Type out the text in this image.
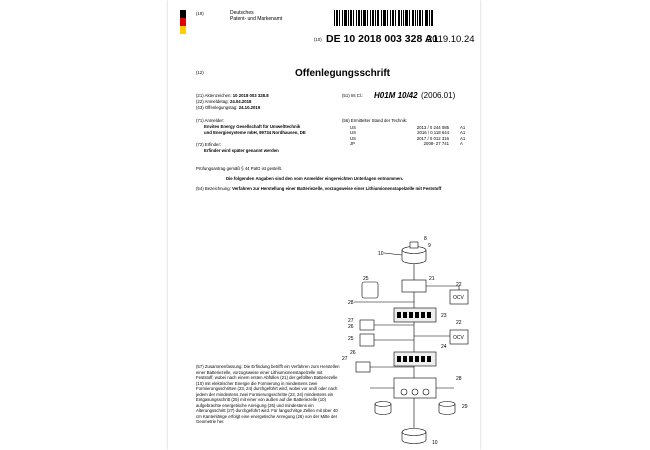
(19)	Deutsches
Patent- und Markenamt
(10) DE 10 2018 003 328 A1
2019.10.24
(12)	Offenlegungsschrift
(21) Aktenzeichen: 10 2018 003 328.8
(22) Anmeldetag: 24.04.2018
(43) Offenlegungstag: 24.10.2019
(51) Int Cl.: H01M 10/42 (2006.01)
(71) Anmelder:
Envites Energy Gesellschaft für Umwelttechnik
und Energiesysteme mbH, 99734 Nordhausen, DE
(72) Erfinder:
Erfinder wird später genannt werden
(56) Ermittelter Stand der Technik:
US	2013 / 0 244 085	A1
US	2016 / 0 118 644	A1
US	2017 / 0 012 316	A1
JP	2008- 27 741	A
Prüfungsantrag gemäß § 44 PatG ist gestellt.
Die folgenden Angaben sind den vom Anmelder eingereichten Unterlagen entnommen.
(54) Bezeichnung: Verfahren zur Herstellung einer Batteriezelle, vorzugsweise einer Lithiumionenstapelzelle mit Feststoff
(57) Zusammenfassung: Die Erfindung betrifft ein Verfahren zum Herstellen einer Batteriezelle, vorzugsweise einer Lithiumionenstapelzelle mit Feststoff, wobei nach einem ersten Abfüllen (21) der gefüllten Batteriezelle (10) mit elektrischer Energie die Formierung in mindestens zwei Formierungsschritten (23, 24) durchgeführt wird, wobei vor und/ oder nach jedem der mindestens zwei Formierungsschritte (23, 24) mindestens ein Entgasungsschritt (25) mit einer von außen auf die Batteriezelle (10) aufgebrachte energetische Anregung (26) und mindestens ein Alterungsschritt (27) durchgeführt wird. Für langschritge Zellen mit über 40 cm Kantenlänge erfolgt eine energetische Anregung (26) von der Mitte der Geometrie her.
10
8
9
25	21
22
OCV
28
27
26
23
22
OCV
25
24
27
26
28
29
10
